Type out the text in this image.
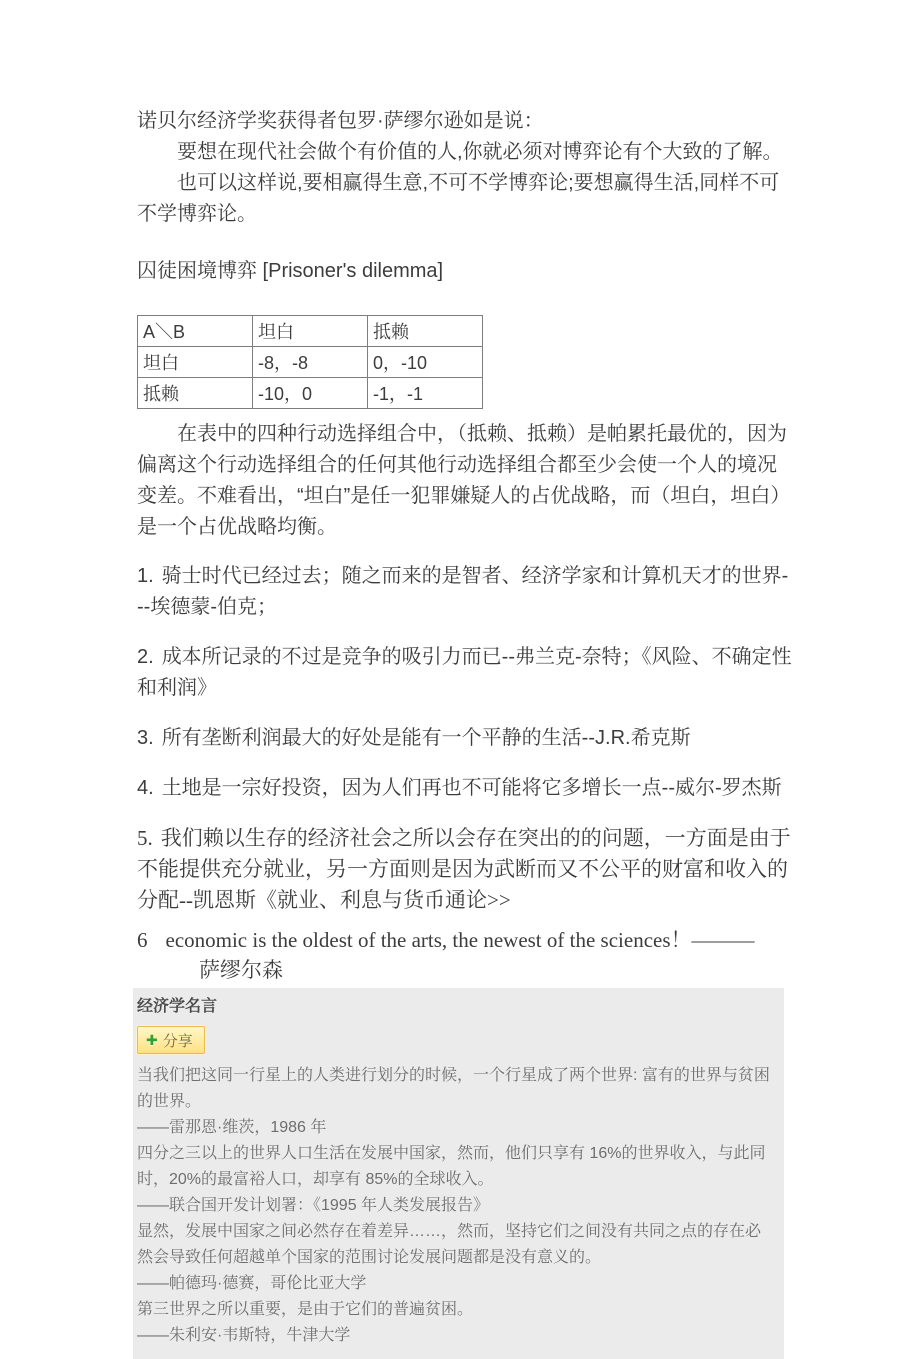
诺贝尔经济学奖获得者包罗·萨缪尔逊如是说：

要想在现代社会做个有价值的人,你就必须对博弈论有个大致的了解。

也可以这样说,要相赢得生意,不可不学博弈论;要想赢得生活,同样不可不学博弈论。

囚徒困境博弈 [Prisoner's dilemma]
A＼B	坦白	抵赖
坦白	-8，-8	0，-10
抵赖	-10，0	-1，-1

在表中的四种行动选择组合中，（抵赖、抵赖）是帕累托最优的，因为偏离这个行动选择组合的任何其他行动选择组合都至少会使一个人的境况变差。不难看出，“坦白”是任一犯罪嫌疑人的占优战略，而（坦白，坦白）是一个占优战略均衡。

1. 骑士时代已经过去；随之而来的是智者、经济学家和计算机天才的世界---埃德蒙-伯克；

2. 成本所记录的不过是竞争的吸引力而已--弗兰克-奈特；《风险、不确定性和利润》

3. 所有垄断利润最大的好处是能有一个平静的生活--J.R.希克斯

4. 土地是一宗好投资，因为人们再也不可能将它多增长一点--威尔-罗杰斯

5. 我们赖以生存的经济社会之所以会存在突出的的问题，一方面是由于不能提供充分就业，另一方面则是因为武断而又不公平的财富和收入的分配--凯恩斯《就业、利息与货币通论>>

6 economic is the oldest of the arts, the newest of the sciences！———
萨缪尔森
经济学名言
✚ 分享

当我们把这同一行星上的人类进行划分的时候，一个行星成了两个世界: 富有的世界与贫困的世界。

——雷那恩·维茨，1986 年

四分之三以上的世界人口生活在发展中国家，然而，他们只享有 16%的世界收入，与此同时，20%的最富裕人口，却享有 85%的全球收入。

——联合国开发计划署：《1995 年人类发展报告》

显然，发展中国家之间必然存在着差异……，然而，坚持它们之间没有共同之点的存在必然会导致任何超越单个国家的范围讨论发展问题都是没有意义的。

——帕德玛·德赛，哥伦比亚大学

第三世界之所以重要，是由于它们的普遍贫困。

——朱利安·韦斯特，牛津大学
